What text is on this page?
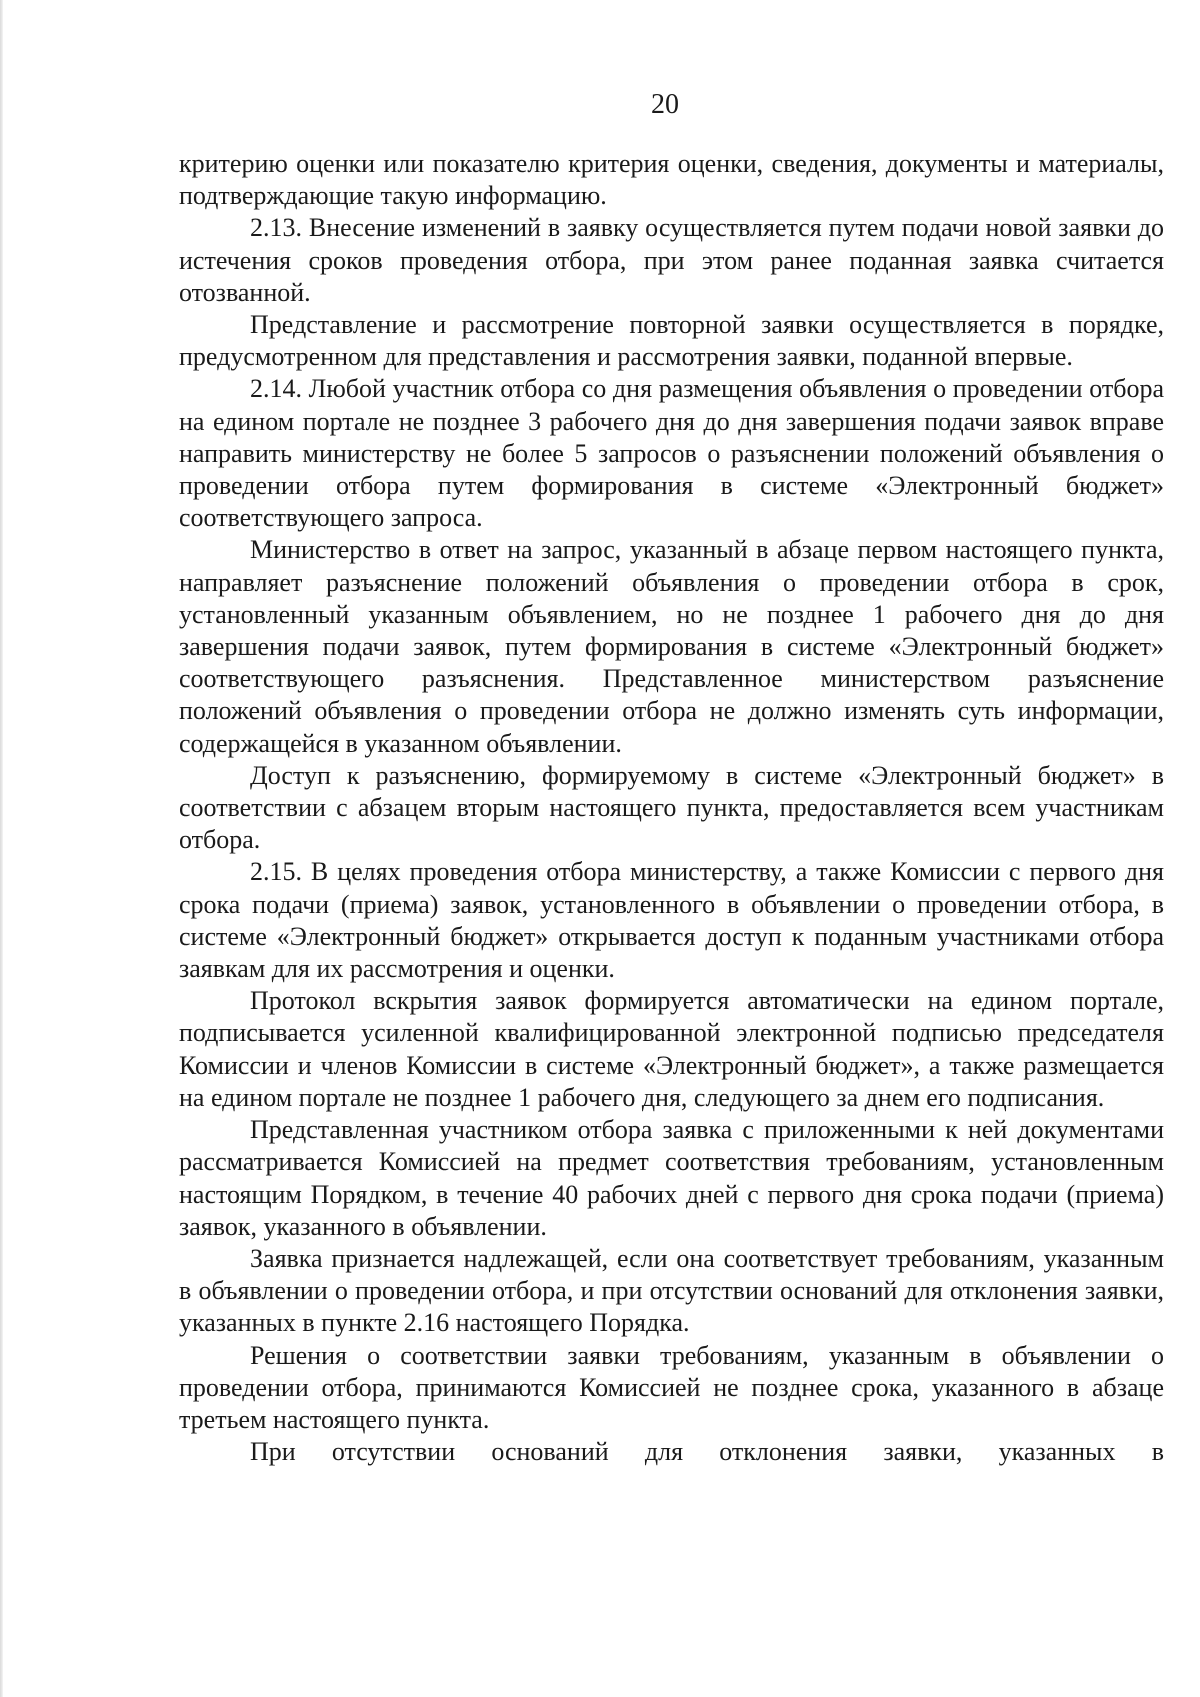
20

критерию оценки или показателю критерия оценки, сведения, документы и материалы, подтверждающие такую информацию.

2.13. Внесение изменений в заявку осуществляется путем подачи новой заявки до истечения сроков проведения отбора, при этом ранее поданная заявка считается отозванной.

Представление и рассмотрение повторной заявки осуществляется в порядке, предусмотренном для представления и рассмотрения заявки, поданной впервые.

2.14. Любой участник отбора со дня размещения объявления о проведении отбора на едином портале не позднее 3 рабочего дня до дня завершения подачи заявок вправе направить министерству не более 5 запросов о разъяснении положений объявления о проведении отбора путем формирования в системе «Электронный бюджет» соответствующего запроса.

Министерство в ответ на запрос, указанный в абзаце первом настоящего пункта, направляет разъяснение положений объявления о проведении отбора в срок, установленный указанным объявлением, но не позднее 1 рабочего дня до дня завершения подачи заявок, путем формирования в системе «Электронный бюджет» соответствующего разъяснения. Представленное министерством разъяснение положений объявления о проведении отбора не должно изменять суть информации, содержащейся в указанном объявлении.

Доступ к разъяснению, формируемому в системе «Электронный бюджет» в соответствии с абзацем вторым настоящего пункта, предоставляется всем участникам отбора.

2.15. В целях проведения отбора министерству, а также Комиссии с первого дня срока подачи (приема) заявок, установленного в объявлении о проведении отбора, в системе «Электронный бюджет» открывается доступ к поданным участниками отбора заявкам для их рассмотрения и оценки.

Протокол вскрытия заявок формируется автоматически на едином портале, подписывается усиленной квалифицированной электронной подписью председателя Комиссии и членов Комиссии в системе «Электронный бюджет», а также размещается на едином портале не позднее 1 рабочего дня, следующего за днем его подписания.

Представленная участником отбора заявка с приложенными к ней документами рассматривается Комиссией на предмет соответствия требованиям, установленным настоящим Порядком, в течение 40 рабочих дней с первого дня срока подачи (приема) заявок, указанного в объявлении.

Заявка признается надлежащей, если она соответствует требованиям, указанным в объявлении о проведении отбора, и при отсутствии оснований для отклонения заявки, указанных в пункте 2.16 настоящего Порядка.

Решения о соответствии заявки требованиям, указанным в объявлении о проведении отбора, принимаются Комиссией не позднее срока, указанного в абзаце третьем настоящего пункта.

При отсутствии оснований для отклонения заявки, указанных в
